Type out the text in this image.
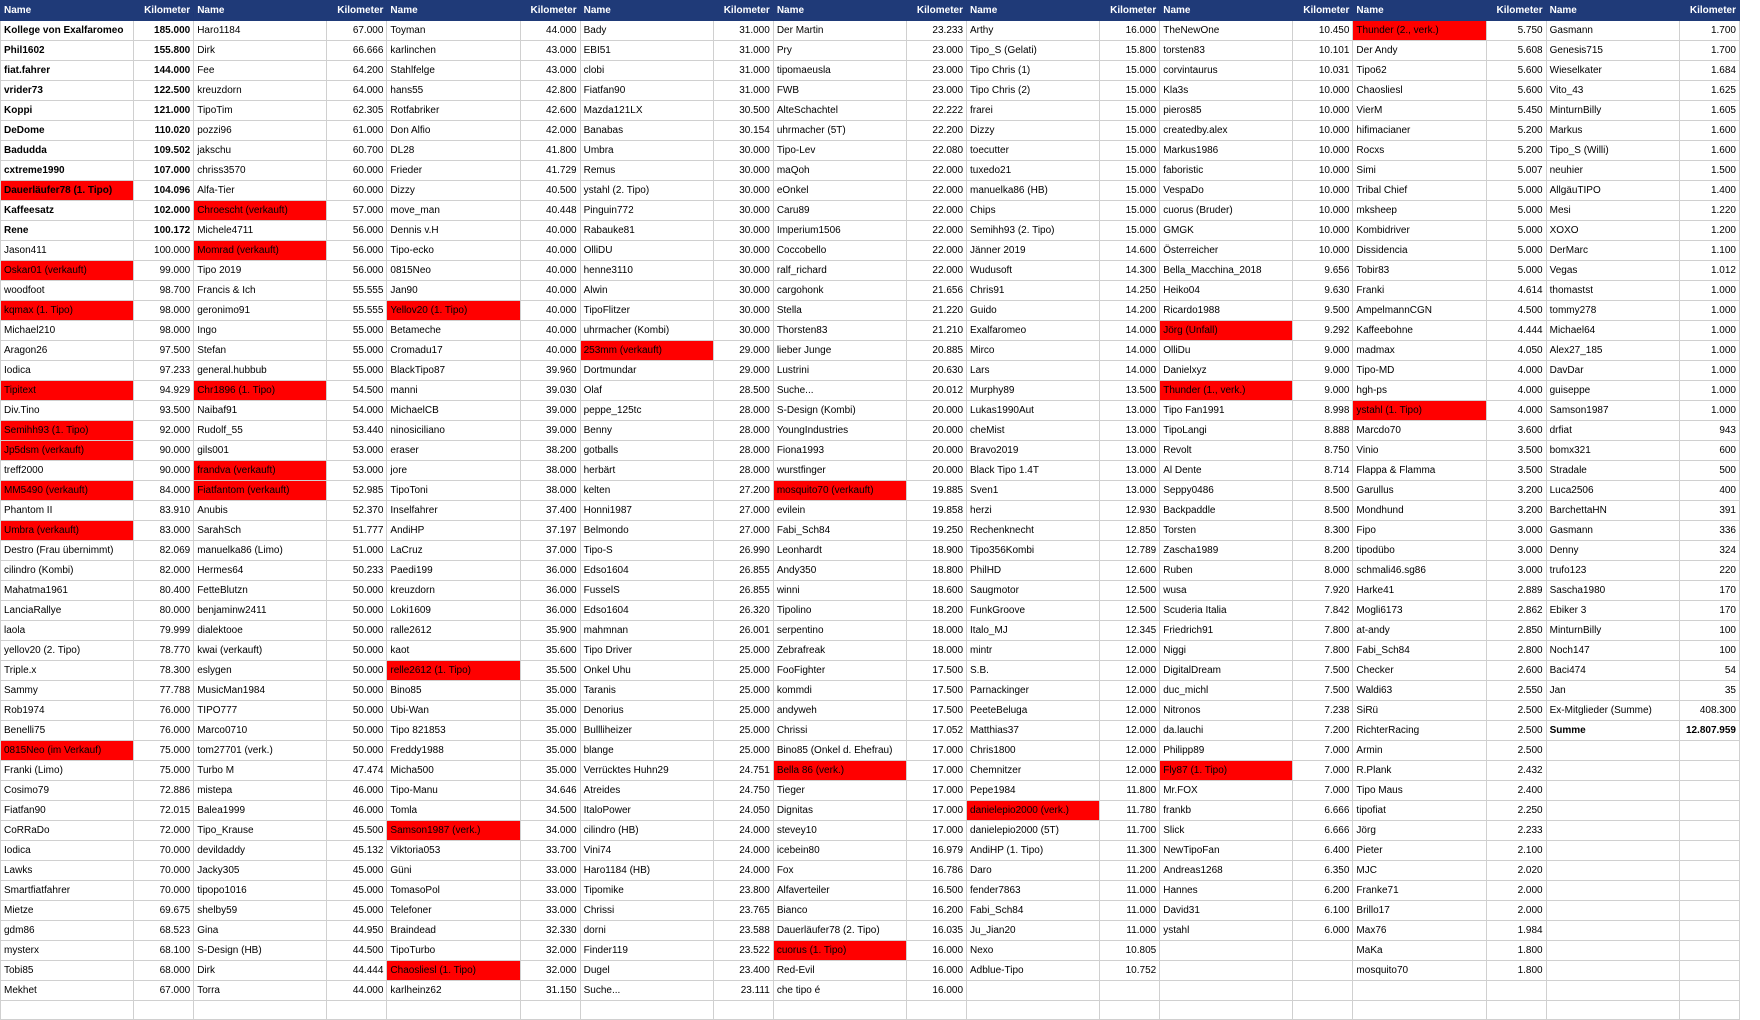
Name	Kilometer	Name	Kilometer	Name	Kilometer	Name	Kilometer	Name	Kilometer	Name	Kilometer	Name	Kilometer	Name	Kilometer	Name	Kilometer
Kollege von Exalfaromeo	185.000	Haro1184	67.000	Toyman	44.000	Bady	31.000	Der Martin	23.233	Arthy	16.000	TheNewOne	10.450	Thunder (2., verk.)	5.750	Gasmann	1.700
Phil1602	155.800	Dirk	66.666	karlinchen	43.000	EBI51	31.000	Pry	23.000	Tipo_S (Gelati)	15.800	torsten83	10.101	Der Andy	5.608	Genesis715	1.700
fiat.fahrer	144.000	Fee	64.200	Stahlfelge	43.000	clobi	31.000	tipomaeusla	23.000	Tipo Chris (1)	15.000	corvintaurus	10.031	Tipo62	5.600	Wieselkater	1.684
vrider73	122.500	kreuzdorn	64.000	hans55	42.800	Fiatfan90	31.000	FWB	23.000	Tipo Chris (2)	15.000	Kla3s	10.000	Chaosliesl	5.600	Vito_43	1.625
Koppi	121.000	TipoTim	62.305	Rotfabriker	42.600	Mazda121LX	30.500	AlteSchachtel	22.222	frarei	15.000	pieros85	10.000	VierM	5.450	MinturnBilly	1.605
DeDome	110.020	pozzi96	61.000	Don Alfio	42.000	Banabas	30.154	uhrmacher (5T)	22.200	Dizzy	15.000	createdby.alex	10.000	hifimacianer	5.200	Markus	1.600
Badudda	109.502	jakschu	60.700	DL28	41.800	Umbra	30.000	Tipo-Lev	22.080	toecutter	15.000	Markus1986	10.000	Rocxs	5.200	Tipo_S (Willi)	1.600
cxtreme1990	107.000	chriss3570	60.000	Frieder	41.729	Remus	30.000	maQoh	22.000	tuxedo21	15.000	faboristic	10.000	Simi	5.007	neuhier	1.500
Dauerläufer78 (1. Tipo)	104.096	Alfa-Tier	60.000	Dizzy	40.500	ystahl (2. Tipo)	30.000	eOnkel	22.000	manuelka86 (HB)	15.000	VespaDo	10.000	Tribal Chief	5.000	AllgäuTIPO	1.400
Kaffeesatz	102.000	Chroescht (verkauft)	57.000	move_man	40.448	Pinguin772	30.000	Caru89	22.000	Chips	15.000	cuorus (Bruder)	10.000	mksheep	5.000	Mesi	1.220
Rene	100.172	Michele4711	56.000	Dennis v.H	40.000	Rabauke81	30.000	Imperium1506	22.000	Semihh93 (2. Tipo)	15.000	GMGK	10.000	Kombidriver	5.000	XOXO	1.200
Jason411	100.000	Momrad (verkauft)	56.000	Tipo-ecko	40.000	OlliDU	30.000	Coccobello	22.000	Jänner 2019	14.600	Österreicher	10.000	Dissidencia	5.000	DerMarc	1.100
Oskar01 (verkauft)	99.000	Tipo 2019	56.000	0815Neo	40.000	henne3110	30.000	ralf_richard	22.000	Wudusoft	14.300	Bella_Macchina_2018	9.656	Tobir83	5.000	Vegas	1.012
woodfoot	98.700	Francis & Ich	55.555	Jan90	40.000	Alwin	30.000	cargohonk	21.656	Chris91	14.250	Heiko04	9.630	Franki	4.614	thomastst	1.000
kqmax (1. Tipo)	98.000	geronimo91	55.555	Yellov20 (1. Tipo)	40.000	TipoFlitzer	30.000	Stella	21.220	Guido	14.200	Ricardo1988	9.500	AmpelmannCGN	4.500	tommy278	1.000
Michael210	98.000	Ingo	55.000	Betameche	40.000	uhrmacher (Kombi)	30.000	Thorsten83	21.210	Exalfaromeo	14.000	Jörg (Unfall)	9.292	Kaffeebohne	4.444	Michael64	1.000
Aragon26	97.500	Stefan	55.000	Cromadu17	40.000	253mm (verkauft)	29.000	lieber Junge	20.885	Mirco	14.000	OlliDu	9.000	madmax	4.050	Alex27_185	1.000
Iodica	97.233	general.hubbub	55.000	BlackTipo87	39.960	Dortmundar	29.000	Lustrini	20.630	Lars	14.000	Danielxyz	9.000	Tipo-MD	4.000	DavDar	1.000
Tipitext	94.929	Chr1896 (1. Tipo)	54.500	manni	39.030	Olaf	28.500	Suche...	20.012	Murphy89	13.500	Thunder (1., verk.)	9.000	hgh-ps	4.000	guiseppe	1.000
Div.Tino	93.500	Naibaf91	54.000	MichaelCB	39.000	peppe_125tc	28.000	S-Design (Kombi)	20.000	Lukas1990Aut	13.000	Tipo Fan1991	8.998	ystahl (1. Tipo)	4.000	Samson1987	1.000
Semihh93 (1. Tipo)	92.000	Rudolf_55	53.440	ninosiciliano	39.000	Benny	28.000	YoungIndustries	20.000	cheMist	13.000	TipoLangi	8.888	Marcdo70	3.600	drfiat	943
Jp5dsm (verkauft)	90.000	gils001	53.000	eraser	38.200	gotballs	28.000	Fiona1993	20.000	Bravo2019	13.000	Revolt	8.750	Vinio	3.500	bomx321	600
treff2000	90.000	frandva (verkauft)	53.000	jore	38.000	herbärt	28.000	wurstfinger	20.000	Black Tipo 1.4T	13.000	Al Dente	8.714	Flappa & Flamma	3.500	Stradale	500
MM5490 (verkauft)	84.000	Fiatfantom (verkauft)	52.985	TipoToni	38.000	kelten	27.200	mosquito70 (verkauft)	19.885	Sven1	13.000	Seppy0486	8.500	Garullus	3.200	Luca2506	400
Phantom II	83.910	Anubis	52.370	Inselfahrer	37.400	Honni1987	27.000	evilein	19.858	herzi	12.930	Backpaddle	8.500	Mondhund	3.200	BarchettaHN	391
Umbra (verkauft)	83.000	SarahSch	51.777	AndiHP	37.197	Belmondo	27.000	Fabi_Sch84	19.250	Rechenknecht	12.850	Torsten	8.300	Fipo	3.000	Gasmann	336
Destro (Frau übernimmt)	82.069	manuelka86 (Limo)	51.000	LaCruz	37.000	Tipo-S	26.990	Leonhardt	18.900	Tipo356Kombi	12.789	Zascha1989	8.200	tipodübo	3.000	Denny	324
cilindro (Kombi)	82.000	Hermes64	50.233	Paedi199	36.000	Edso1604	26.855	Andy350	18.800	PhilHD	12.600	Ruben	8.000	schmali46.sg86	3.000	trufo123	220
Mahatma1961	80.400	FetteBlutzn	50.000	kreuzdorn	36.000	FusselS	26.855	winni	18.600	Saugmotor	12.500	wusa	7.920	Harke41	2.889	Sascha1980	170
LanciaRallye	80.000	benjaminw2411	50.000	Loki1609	36.000	Edso1604	26.320	Tipolino	18.200	FunkGroove	12.500	Scuderia Italia	7.842	Mogli6173	2.862	Ebiker 3	170
laola	79.999	dialektooe	50.000	ralle2612	35.900	mahmnan	26.001	serpentino	18.000	Italo_MJ	12.345	Friedrich91	7.800	at-andy	2.850	MinturnBilly	100
yellov20 (2. Tipo)	78.770	kwai (verkauft)	50.000	kaot	35.600	Tipo Driver	25.000	Zebrafreak	18.000	mintr	12.000	Niggi	7.800	Fabi_Sch84	2.800	Noch147	100
Triple.x	78.300	eslygen	50.000	relle2612 (1. Tipo)	35.500	Onkel Uhu	25.000	FooFighter	17.500	S.B.	12.000	DigitalDream	7.500	Checker	2.600	Baci474	54
Sammy	77.788	MusicMan1984	50.000	Bino85	35.000	Taranis	25.000	kommdi	17.500	Parnackinger	12.000	duc_michl	7.500	Waldi63	2.550	Jan	35
Rob1974	76.000	TIPO777	50.000	Ubi-Wan	35.000	Denorius	25.000	andyweh	17.500	PeeteBeluga	12.000	Nitronos	7.238	SiRü	2.500	Ex-Mitglieder (Summe)	408.300
Benelli75	76.000	Marco0710	50.000	Tipo 821853	35.000	Bullliheizer	25.000	Chrissi	17.052	Matthias37	12.000	da.lauchi	7.200	RichterRacing	2.500	Summe	12.807.959
0815Neo (im Verkauf)	75.000	tom27701 (verk.)	50.000	Freddy1988	35.000	blange	25.000	Bino85 (Onkel d. Ehefrau)	17.000	Chris1800	12.000	Philipp89	7.000	Armin	2.500		
Franki (Limo)	75.000	Turbo M	47.474	Micha500	35.000	Verrücktes Huhn29	24.751	Bella 86 (verk.)	17.000	Chemnitzer	12.000	Fly87 (1. Tipo)	7.000	R.Plank	2.432		
Cosimo79	72.886	mistepa	46.000	Tipo-Manu	34.646	Atreides	24.750	Tieger	17.000	Pepe1984	11.800	Mr.FOX	7.000	Tipo Maus	2.400		
Fiatfan90	72.015	Balea1999	46.000	Tomla	34.500	ItaloPower	24.050	Dignitas	17.000	danielepio2000 (verk.)	11.780	frankb	6.666	tipofiat	2.250		
CoRRaDo	72.000	Tipo_Krause	45.500	Samson1987 (verk.)	34.000	cilindro (HB)	24.000	stevey10	17.000	danielepio2000 (5T)	11.700	Slick	6.666	Jörg	2.233		
Iodica	70.000	devildaddy	45.132	Viktoria053	33.700	Vini74	24.000	icebein80	16.979	AndiHP (1. Tipo)	11.300	NewTipoFan	6.400	Pieter	2.100		
Lawks	70.000	Jacky305	45.000	Güni	33.000	Haro1184 (HB)	24.000	Fox	16.786	Daro	11.200	Andreas1268	6.350	MJC	2.020		
Smartfiatfahrer	70.000	tipopo1016	45.000	TomasoPol	33.000	Tipomike	23.800	Alfaverteiler	16.500	fender7863	11.000	Hannes	6.200	Franke71	2.000		
Mietze	69.675	shelby59	45.000	Telefoner	33.000	Chrissi	23.765	Bianco	16.200	Fabi_Sch84	11.000	David31	6.100	Brillo17	2.000		
gdm86	68.523	Gina	44.950	Braindead	32.330	dorni	23.588	Dauerläufer78 (2. Tipo)	16.035	Ju_Jian20	11.000	ystahl	6.000	Max76	1.984		
mysterx	68.100	S-Design (HB)	44.500	TipoTurbo	32.000	Finder119	23.522	cuorus (1. Tipo)	16.000	Nexo	10.805			MaKa	1.800		
Tobi85	68.000	Dirk	44.444	Chaosliesl (1. Tipo)	32.000	Dugel	23.400	Red-Evil	16.000	Adblue-Tipo	10.752			mosquito70	1.800		
Mekhet	67.000	Torra	44.000	karlheinz62	31.150	Suche...	23.111	che tipo é	16.000								
